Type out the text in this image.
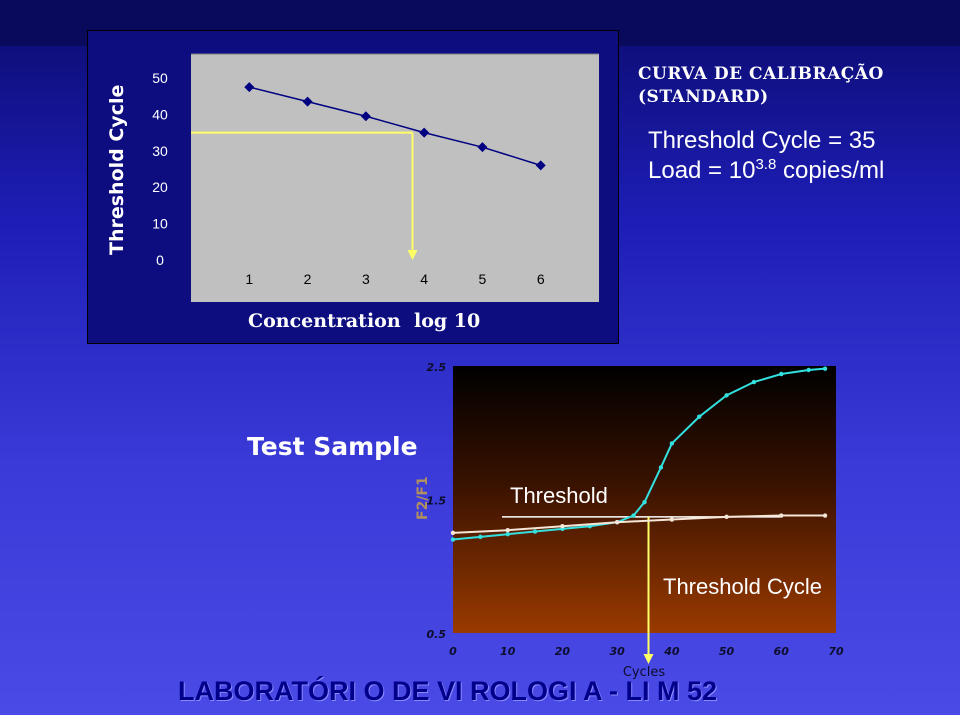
0
10
20
30
40
50
1	2	3	4	5	6
Threshold Cycle
Concentration log 10
CURVA DE CALIBRAÇÃO
(STANDARD)
Threshold Cycle = 35
Load = $10^{3.8}$ copies/ml
0.5
1.5
2.5
0	10	20	30	40	50	60	70
Threshold
Threshold Cycle
F2/F1
Cycles
Test Sample
LABORATÓRI O DE VI ROLOGI A - LI M 52
